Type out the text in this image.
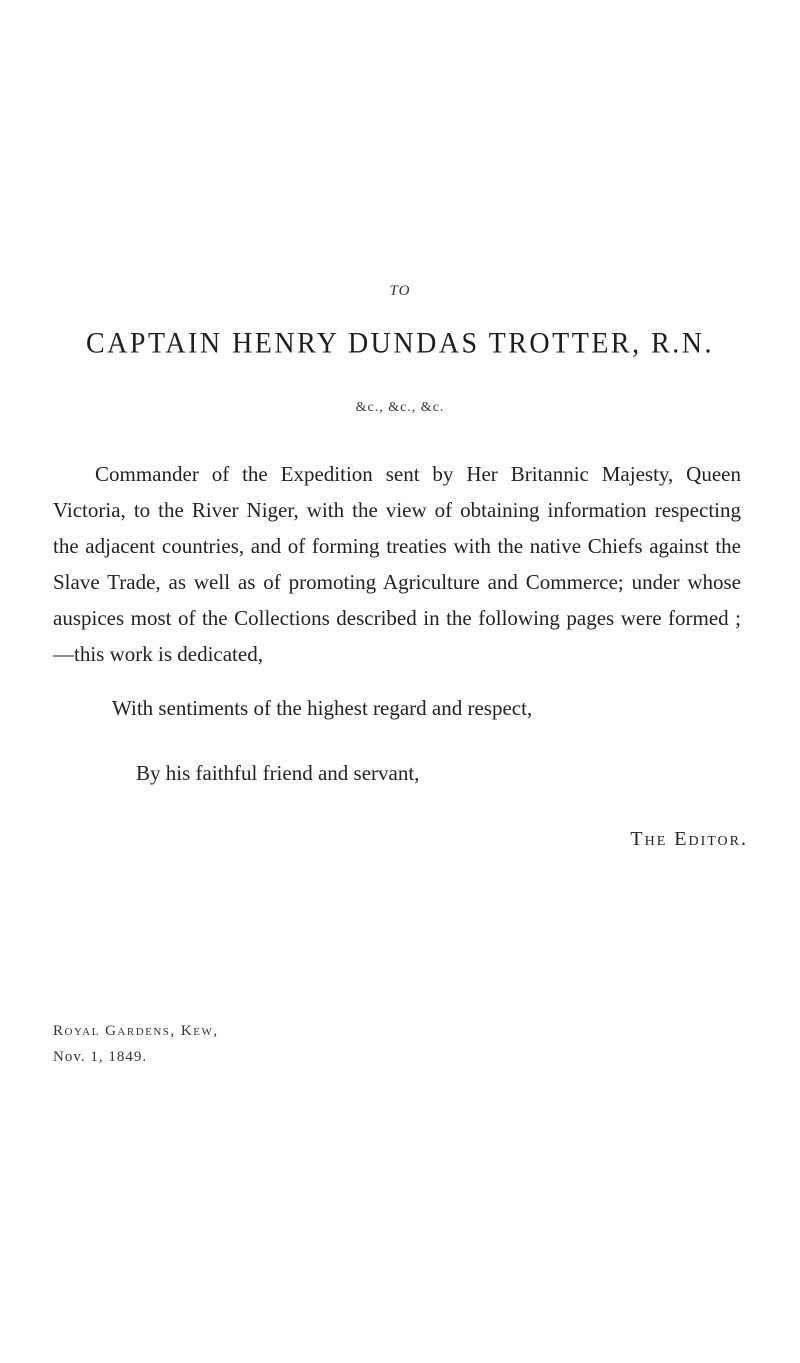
TO
CAPTAIN HENRY DUNDAS TROTTER, R.N.
&c., &c., &c.

Commander of the Expedition sent by Her Britannic Majesty, Queen Victoria, to the River Niger, with the view of obtaining information respecting the adjacent countries, and of forming treaties with the native Chiefs against the Slave Trade, as well as of promoting Agriculture and Commerce; under whose auspices most of the Collections described in the following pages were formed ;—this work is dedicated,

With sentiments of the highest regard and respect,

By his faithful friend and servant,

The Editor.

Royal Gardens, Kew,

Nov. 1, 1849.
